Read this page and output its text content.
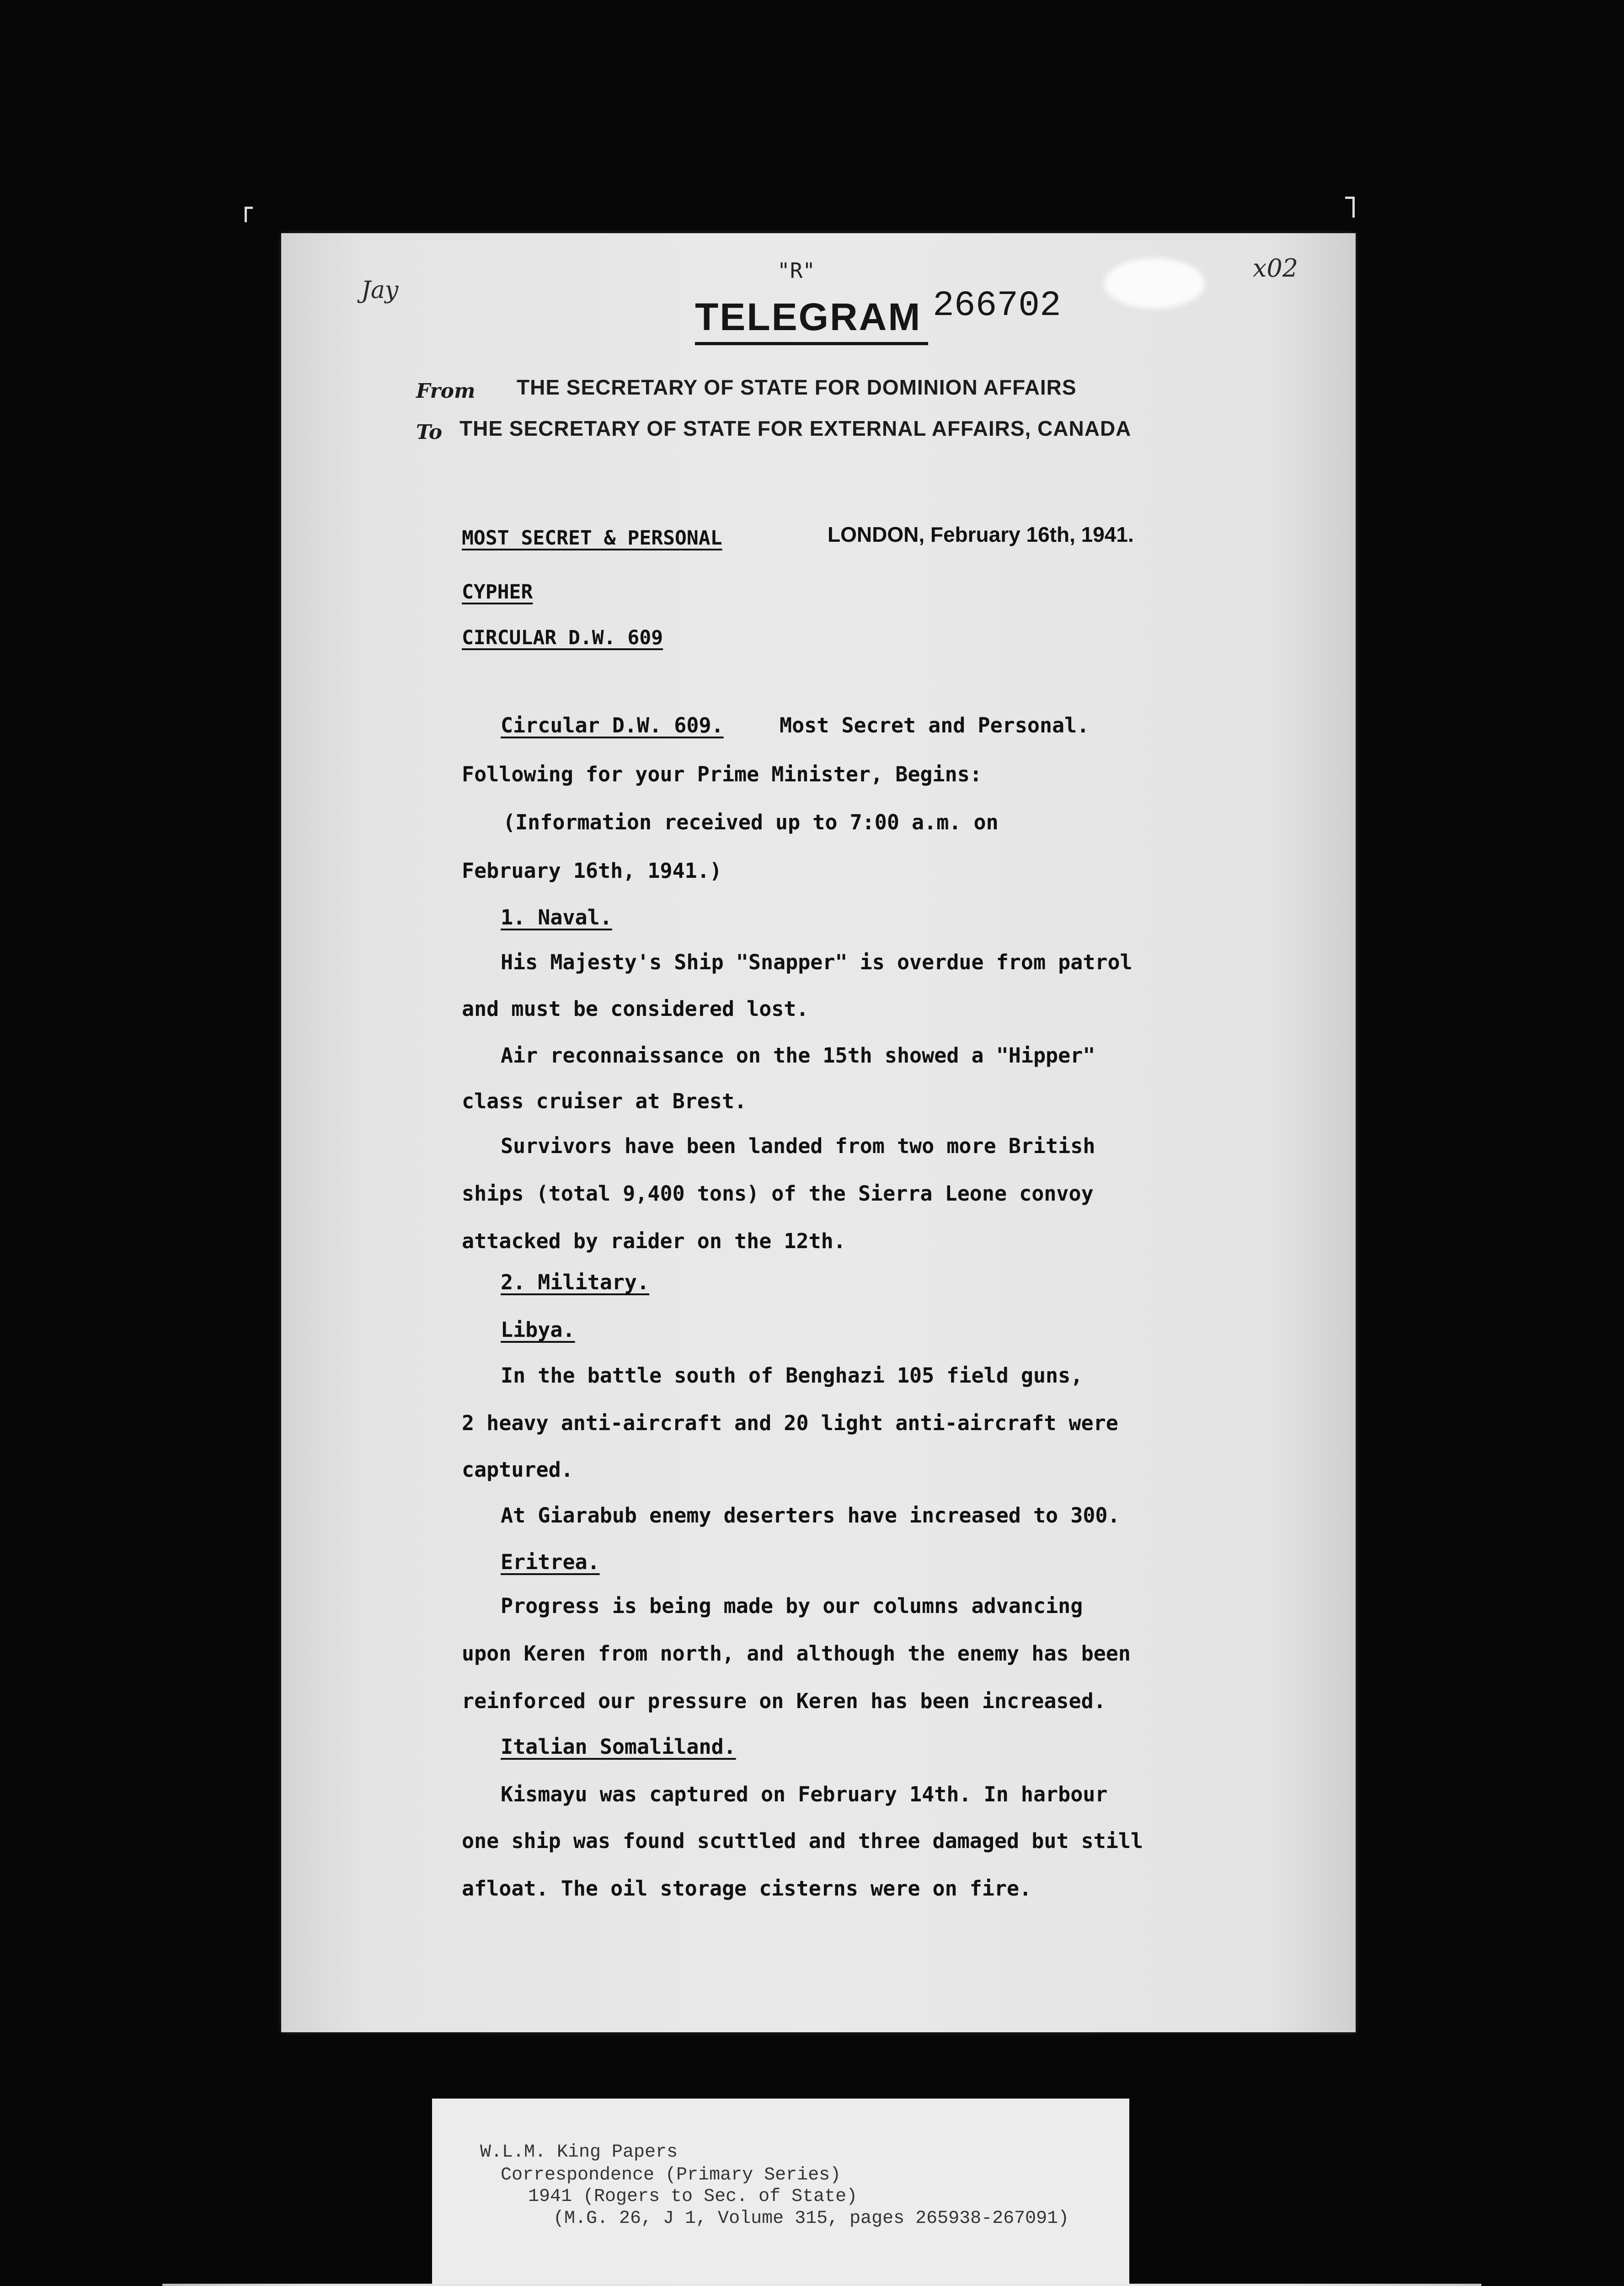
"R"
TELEGRAM 266702
Jay
x02
From THE SECRETARY OF STATE FOR DOMINION AFFAIRS
To THE SECRETARY OF STATE FOR EXTERNAL AFFAIRS, CANADA
MOST SECRET & PERSONAL	LONDON, February 16th, 1941.
CYPHER
CIRCULAR D.W. 609
Circular D.W. 609.	Most Secret and Personal.
Following for your Prime Minister, Begins:
(Information received up to 7:00 a.m. on
February 16th, 1941.)
1. Naval.
His Majesty's Ship "Snapper" is overdue from patrol
and must be considered lost.
Air reconnaissance on the 15th showed a "Hipper"
class cruiser at Brest.
Survivors have been landed from two more British
ships (total 9,400 tons) of the Sierra Leone convoy
attacked by raider on the 12th.
2. Military.
Libya.
In the battle south of Benghazi 105 field guns,
2 heavy anti-aircraft and 20 light anti-aircraft were
captured.
At Giarabub enemy deserters have increased to 300.
Eritrea.
Progress is being made by our columns advancing
upon Keren from north, and although the enemy has been
reinforced our pressure on Keren has been increased.
Italian Somaliland.
Kismayu was captured on February 14th. In harbour
one ship was found scuttled and three damaged but still
afloat. The oil storage cisterns were on fire.
W.L.M. King Papers
Correspondence (Primary Series)
1941 (Rogers to Sec. of State)
(M.G. 26, J 1, Volume 315, pages 265938-267091)
